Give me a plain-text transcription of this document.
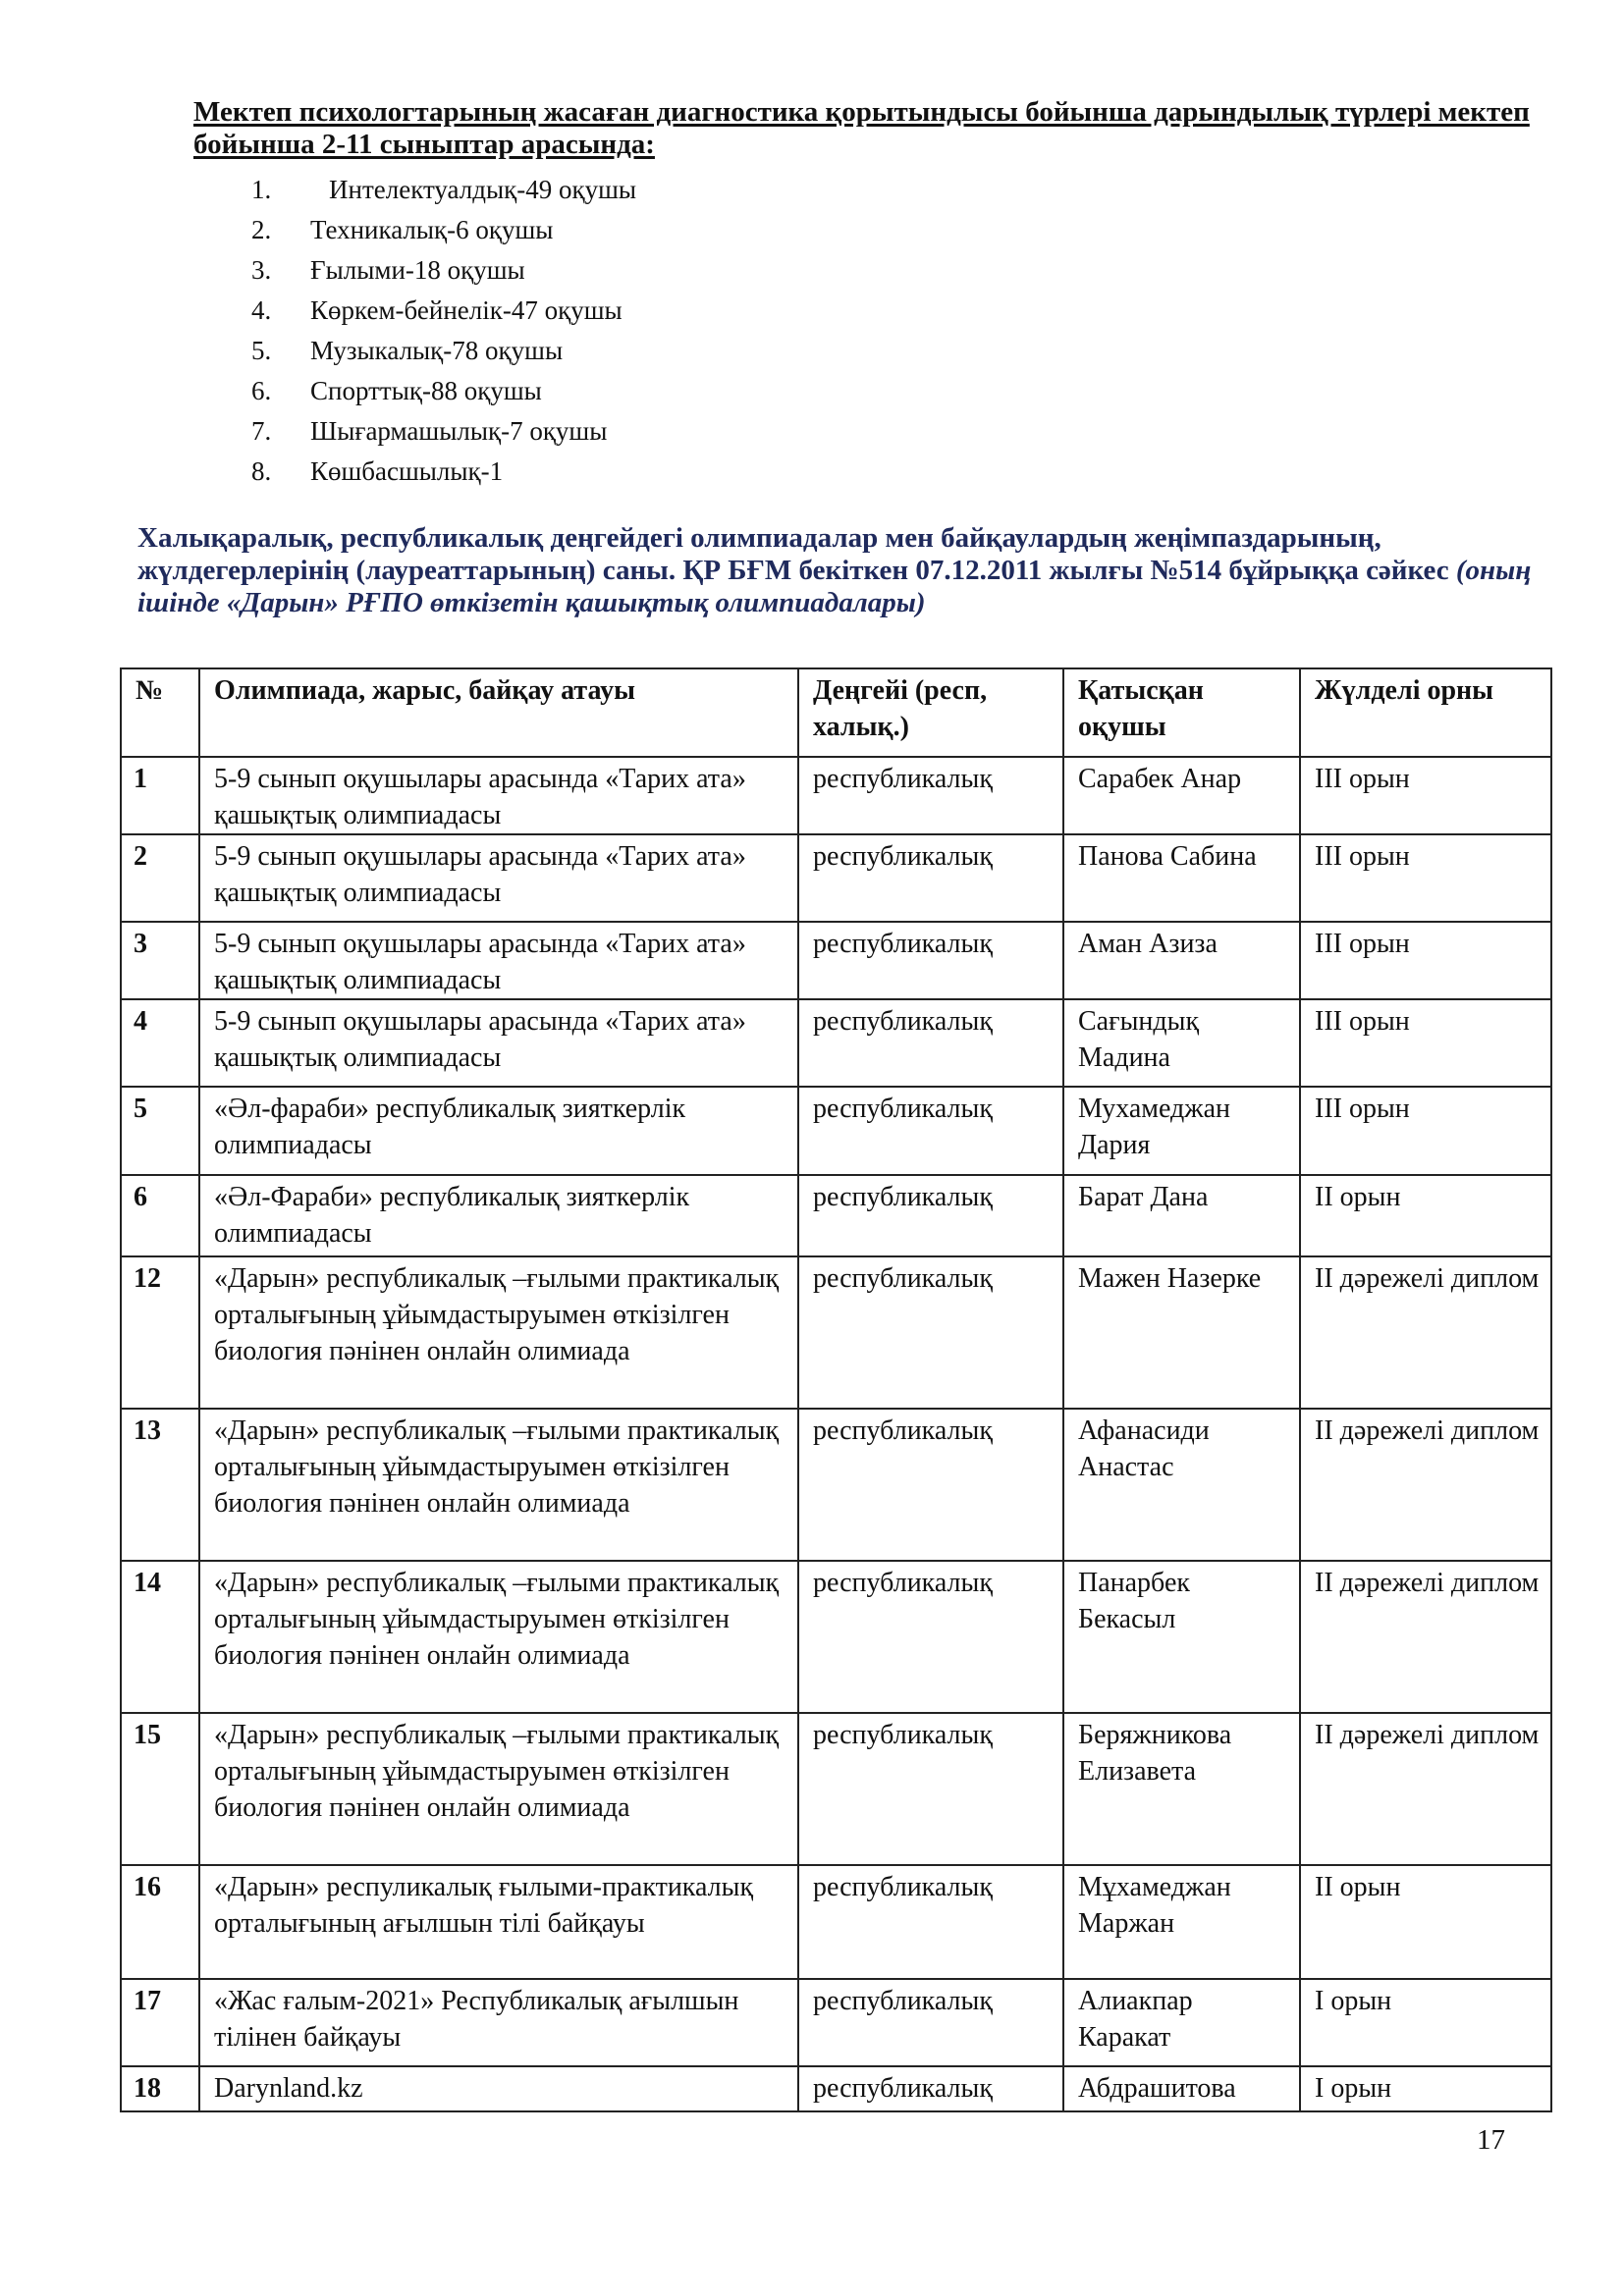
Мектеп психологтарының жасаған диагностика қорытындысы бойынша дарындылық түрлері мектеп бойынша 2-11 сыныптар арасында:
1.	Интелектуалдық-49 оқушы
2.	Техникалық-6 оқушы
3.	Ғылыми-18 оқушы
4.	Көркем-бейнелік-47 оқушы
5.	Музыкалық-78 оқушы
6.	Спорттық-88 оқушы
7.	Шығармашылық-7 оқушы
8.	Көшбасшылық-1
Халықаралық, республикалық деңгейдегі олимпиадалар мен байқаулардың жеңімпаздарының, жүлдегерлерінің (лауреаттарының) саны. ҚР БҒМ бекіткен 07.12.2011 жылғы №514 бұйрыққа сәйкес (оның ішінде «Дарын» РҒПО өткізетін қашықтық олимпиадалары)
№	Олимпиада, жарыс, байқау атауы	Деңгейі (респ, халық.)	Қатысқан оқушы	Жүлделі орны
1	5-9 сынып оқушылары арасында «Тарих ата» қашықтық олимпиадасы	республикалық	Сарабек Анар	III орын
2	5-9 сынып оқушылары арасында «Тарих ата» қашықтық олимпиадасы	республикалық	Панова Сабина	III орын
3	5-9 сынып оқушылары арасында «Тарих ата» қашықтық олимпиадасы	республикалық	Аман Азиза	III орын
4	5-9 сынып оқушылары арасында «Тарих ата» қашықтық олимпиадасы	республикалық	Сағындық Мадина	III орын
5	«Әл-фараби» республикалық зияткерлік олимпиадасы	республикалық	Мухамеджан Дария	III орын
6	«Әл-Фараби» республикалық зияткерлік олимпиадасы	республикалық	Барат Дана	II орын
12	«Дарын» республикалық –ғылыми практикалық орталығының ұйымдастыруымен өткізілген биология пәнінен онлайн олимиада	республикалық	Мажен Назерке	II дәрежелі диплом
13	«Дарын» республикалық –ғылыми практикалық орталығының ұйымдастыруымен өткізілген биология пәнінен онлайн олимиада	республикалық	Афанасиди Анастас	II дәрежелі диплом
14	«Дарын» республикалық –ғылыми практикалық орталығының ұйымдастыруымен өткізілген биология пәнінен онлайн олимиада	республикалық	Панарбек Бекасыл	II дәрежелі диплом
15	«Дарын» республикалық –ғылыми практикалық орталығының ұйымдастыруымен өткізілген биология пәнінен онлайн олимиада	республикалық	Беряжникова Елизавета	II дәрежелі диплом
16	«Дарын» респуликалық ғылыми-практикалық орталығының ағылшын тілі байқауы	республикалық	Мұхамеджан Маржан	II орын
17	«Жас ғалым-2021» Республикалық ағылшын тілінен байқауы	республикалық	Алиакпар Каракат	I орын
18	Darynland.kz	республикалық	Абдрашитова	I орын
17
